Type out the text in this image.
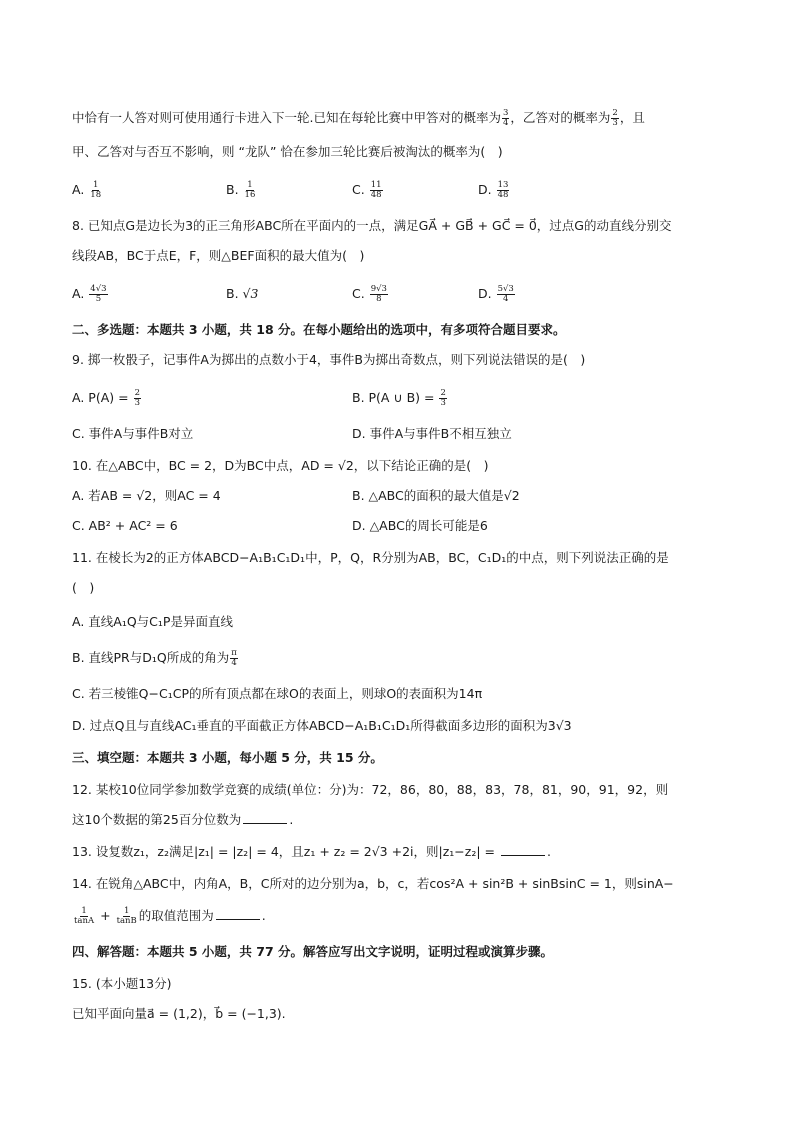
中恰有一人答对则可使用通行卡进入下一轮.已知在每轮比赛中甲答对的概率为 $\frac{3}{4}$ ，乙答对的概率为 $\frac{2}{3}$ ，且
甲、乙答对与否互不影响，则 “龙队” 恰在参加三轮比赛后被淘汰的概率为(　)
A. $\frac{1}{18}$	B. $\frac{1}{16}$	C. $\frac{11}{48}$	D. $\frac{13}{48}$
8. 已知点G是边长为3的正三角形ABC所在平面内的一点，满足GA⃗ + GB⃗ + GC⃗ = 0⃗，过点G的动直线分别交
线段AB，BC于点E，F，则△BEF面积的最大值为(　)
A. $\frac{4√3}{5}$	B. √3	C. $\frac{9√3}{8}$	D. $\frac{5√3}{4}$
二、多选题：本题共 3 小题，共 18 分。在每小题给出的选项中，有多项符合题目要求。
9. 掷一枚骰子，记事件A为掷出的点数小于4，事件B为掷出奇数点，则下列说法错误的是(　)
A. $P(A) = \frac{2}{3}$	B. P(A ∪ $B) = \frac{2}{3}$
C. 事件A与事件B对立	D. 事件A与事件B不相互独立
10. 在△ABC中，BC = 2，D为BC中点，AD = √2，以下结论正确的是(　)
A. 若AB = √2，则AC = 4	B. △ABC的面积的最大值是√2
C. AB² + AC² = 6	D. △ABC的周长可能是6
11. 在棱长为2的正方体ABCD−A₁B₁C₁D₁中，P，Q，R分别为AB，BC，C₁D₁的中点，则下列说法正确的是
(　)
A. 直线A₁Q与C₁P是异面直线
B. 直线PR与D₁Q所成的角为 $\frac{\pi}{4}$
C. 若三棱锥Q−C₁CP的所有顶点都在球O的表面上，则球O的表面积为14π
D. 过点Q且与直线AC₁垂直的平面截正方体ABCD−A₁B₁C₁D₁所得截面多边形的面积为3√3
三、填空题：本题共 3 小题，每小题 5 分，共 15 分。
12. 某校10位同学参加数学竞赛的成绩(单位：分)为：72，86，80，88，83，78，81，90，91，92，则
这10个数据的第25百分位数为	.
13. 设复数z₁，z₂满足|z₁| = |z₂| = 4，且z₁ + z₂ = 2√3 +2i，则|z₁−z₂| =	.
14. 在锐角△ABC中，内角A，B，C所对的边分别为a，b，c，若cos²A + sin²B + sinBsinC = 1，则sinA−
$\frac{1}{\tan A} + \frac{1}{\tan B}$ 的取值范围为	.
四、解答题：本题共 5 小题，共 77 分。解答应写出文字说明，证明过程或演算步骤。
15. (本小题13分)
已知平面向量a⃗ = (1,2)，b⃗ = (−1,3).
